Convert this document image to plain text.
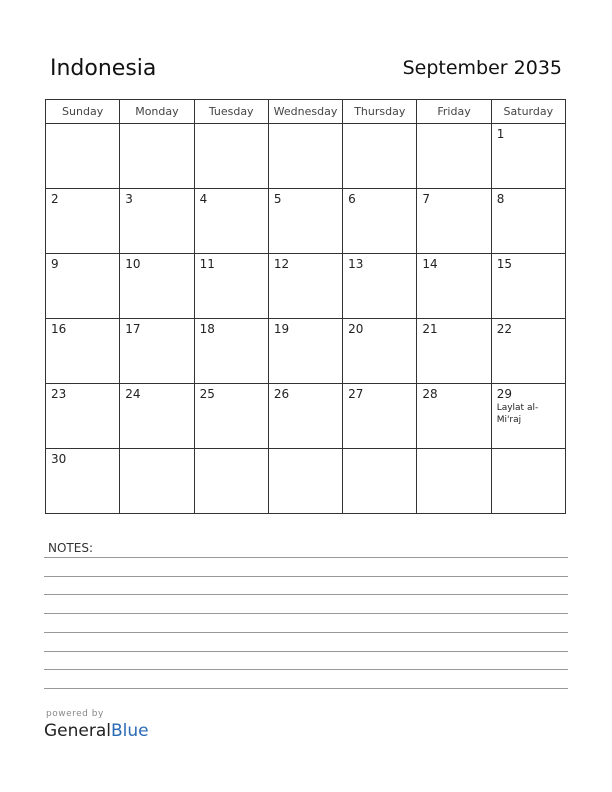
Indonesia	September 2035
Sunday	Monday	Tuesday	Wednesday	Thursday	Friday	Saturday

						1

2	3	4	5	6	7	8

9	10	11	12	13	14	15

16	17	18	19	20	21	22

23	24	25	26	27	28	29
Laylat al-Mi'raj

30						

NOTES:
powered by
GeneralBlue
